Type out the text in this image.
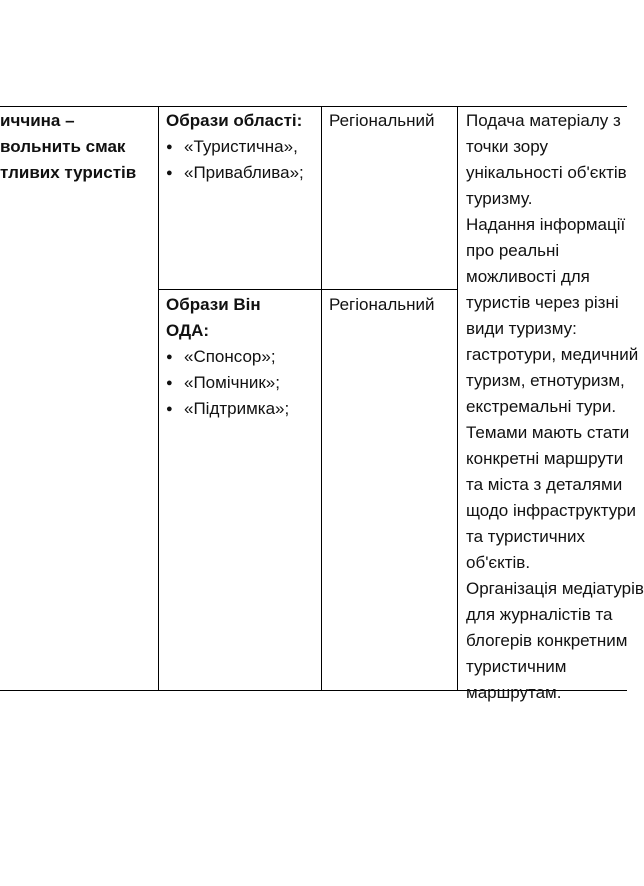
иччина –
вольнить смак
тливих туристів
Образи області:
● «Туристична»,
● «Приваблива»;
Регіональний
Образи Він ОДА:
● «Спонсор»;
● «Помічник»;
● «Підтримка»;
Регіональний
Подача матеріалу з
точки зору
унікальності об'єктів
туризму.
Надання інформації
про реальні
можливості для
туристів через різні
види туризму:
гастротури, медичний
туризм, етнотуризм,
екстремальні тури.
Темами мають стати
конкретні маршрути
та міста з деталями
щодо інфраструктури
та туристичних
об'єктів.
Організація медіатурів
для журналістів та
блогерів конкретним
туристичним
маршрутам.
